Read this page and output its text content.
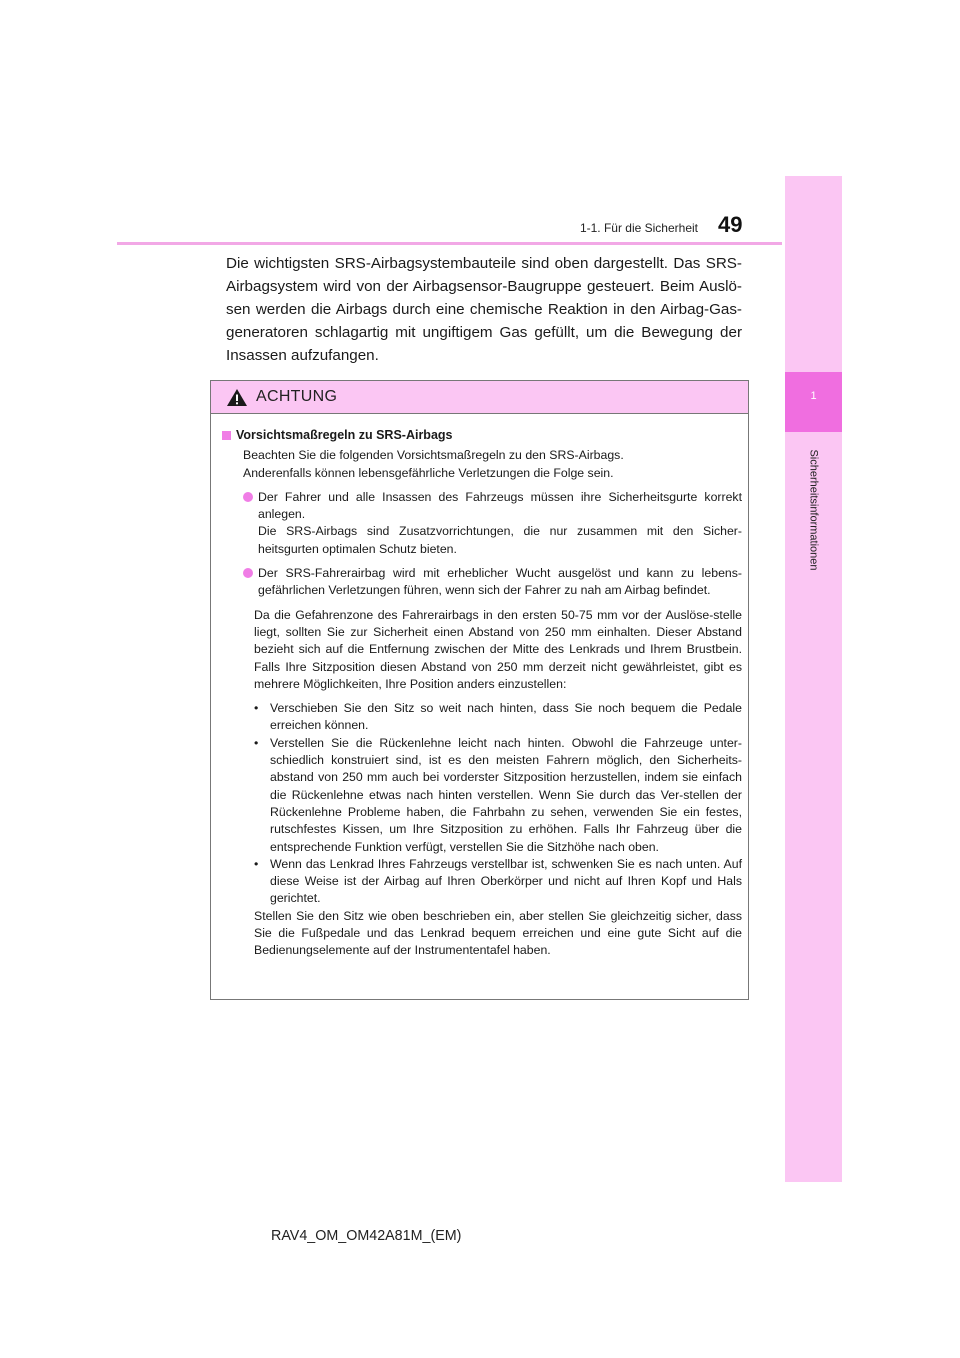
1
Sicherheitsinformationen
1-1. Für die Sicherheit 49
Die wichtigsten SRS-Airbagsystembauteile sind oben dargestellt. Das SRS-Airbagsystem wird von der Airbagsensor-Baugruppe gesteuert. Beim Auslö-sen werden die Airbags durch eine chemische Reaktion in den Airbag-Gas-generatoren schlagartig mit ungiftigem Gas gefüllt, um die Bewegung der Insassen aufzufangen.
ACHTUNG
Vorsichtsmaßregeln zu SRS-Airbags
Beachten Sie die folgenden Vorsichtsmaßregeln zu den SRS-Airbags.
Anderenfalls können lebensgefährliche Verletzungen die Folge sein.
Der Fahrer und alle Insassen des Fahrzeugs müssen ihre Sicherheitsgurte korrekt anlegen.
Die SRS-Airbags sind Zusatzvorrichtungen, die nur zusammen mit den Sicher-heitsgurten optimalen Schutz bieten.
Der SRS-Fahrerairbag wird mit erheblicher Wucht ausgelöst und kann zu lebens-gefährlichen Verletzungen führen, wenn sich der Fahrer zu nah am Airbag befindet.
Da die Gefahrenzone des Fahrerairbags in den ersten 50-75 mm vor der Auslöse-stelle liegt, sollten Sie zur Sicherheit einen Abstand von 250 mm einhalten. Dieser Abstand bezieht sich auf die Entfernung zwischen der Mitte des Lenkrads und Ihrem Brustbein. Falls Ihre Sitzposition diesen Abstand von 250 mm derzeit nicht gewährleistet, gibt es mehrere Möglichkeiten, Ihre Position anders einzustellen:
• Verschieben Sie den Sitz so weit nach hinten, dass Sie noch bequem die Pedale erreichen können.
• Verstellen Sie die Rückenlehne leicht nach hinten. Obwohl die Fahrzeuge unter-schiedlich konstruiert sind, ist es den meisten Fahrern möglich, den Sicherheits-abstand von 250 mm auch bei vorderster Sitzposition herzustellen, indem sie einfach die Rückenlehne etwas nach hinten verstellen. Wenn Sie durch das Ver-stellen der Rückenlehne Probleme haben, die Fahrbahn zu sehen, verwenden Sie ein festes, rutschfestes Kissen, um Ihre Sitzposition zu erhöhen. Falls Ihr Fahrzeug über die entsprechende Funktion verfügt, verstellen Sie die Sitzhöhe nach oben.
• Wenn das Lenkrad Ihres Fahrzeugs verstellbar ist, schwenken Sie es nach unten. Auf diese Weise ist der Airbag auf Ihren Oberkörper und nicht auf Ihren Kopf und Hals gerichtet.
Stellen Sie den Sitz wie oben beschrieben ein, aber stellen Sie gleichzeitig sicher, dass Sie die Fußpedale und das Lenkrad bequem erreichen und eine gute Sicht auf die Bedienungselemente auf der Instrumententafel haben.
RAV4_OM_OM42A81M_(EM)
